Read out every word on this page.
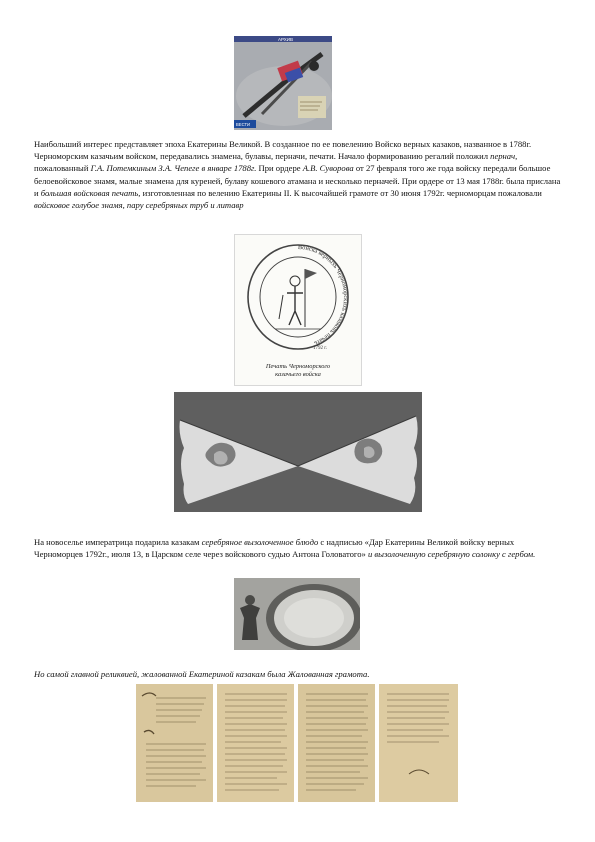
АРХИВ
ВЕСТИ
Наибольший интерес представляет эпоха Екатерины Великой. В созданное по ее повелению Войско верных казаков, названное в 1788г. Черноморским казачьим войском, передавались знамена, булавы, перначи, печати. Начало формированию регалий положил пернач, пожалованный Г.А. Потемкиным З.А. Чепеге в январе 1788г. При ордере А.В. Суворова от 27 февраля того же года войску передали большое белоевойсковое знамя, малые знамена для куреней, булаву кошевого атамана и несколько перначей. При ордере от 13 мая 1788г. была прислана и большая войсковая печать, изготовленная по велению Екатерины II. К высочайшей грамоте от 30 июня 1792г. черноморцам пожаловали войсковое голубое знамя, пару серебряных труб и литавр
Войска верныхъ Черноморскихъ казаковъ печать
1792 г.
Печать Черноморского
казачьего войска
На новоселье императрица подарила казакам серебряное вызолоченное блюдо с надписью «Дар Екатерины Великой войску верных Черноморцев 1792г., июля 13, в Царском селе через войскового судью Антона Головатого» и вызолоченную серебряную солонку с гербом.
Но самой главной реликвией, жалованной Екатериной казакам была Жалованная грамота.
